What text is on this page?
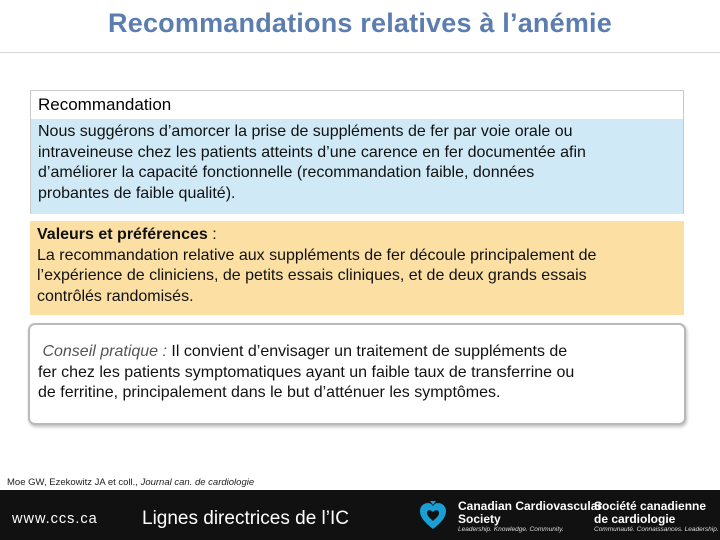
Recommandations relatives à l’anémie
Recommandation
Nous suggérons d’amorcer la prise de suppléments de fer par voie orale ou
intraveineuse chez les patients atteints d’une carence en fer documentée afin
d’améliorer la capacité fonctionnelle (recommandation faible, données
probantes de faible qualité).
Valeurs et préférences :
La recommandation relative aux suppléments de fer découle principalement de
l’expérience de cliniciens, de petits essais cliniques, et de deux grands essais
contrôlés randomisés.
Conseil pratique : Il convient d’envisager un traitement de suppléments de
fer chez les patients symptomatiques ayant un faible taux de transferrine ou
de ferritine, principalement dans le but d’atténuer les symptômes.
Moe GW, Ezekowitz JA et coll., Journal can. de cardiologie
www.ccs.ca Lignes directrices de l’IC
Canadian Cardiovascular
Society
Leadership. Knowledge. Community.
Société canadienne
de cardiologie
Communauté. Connaissances. Leadership.
